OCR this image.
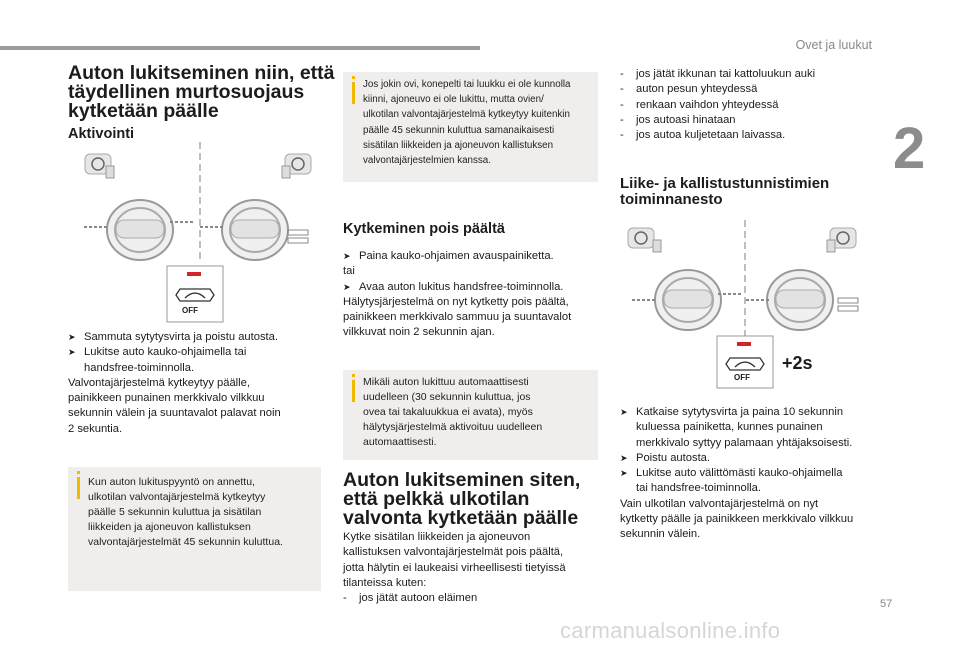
Ovet ja luukut
2
57
carmanualsonline.info
Auton lukitseminen niin, että
täydellinen murtosuojaus
kytketään päälle
Aktivointi
OFF
➤ Sammuta sytytysvirta ja poistu autosta.
➤ Lukitse auto kauko-ohjaimella tai
handsfree-toiminnolla.
Valvontajärjestelmä kytkeytyy päälle,
painikkeen punainen merkkivalo vilkkuu
sekunnin välein ja suuntavalot palavat noin
2 sekuntia.
Kun auton lukituspyyntö on annettu,
ulkotilan valvontajärjestelmä kytkeytyy
päälle 5 sekunnin kuluttua ja sisätilan
liikkeiden ja ajoneuvon kallistuksen
valvontajärjestelmät 45 sekunnin kuluttua.
Jos jokin ovi, konepelti tai luukku ei ole kunnolla
kiinni, ajoneuvo ei ole lukittu, mutta ovien/
ulkotilan valvontajärjestelmä kytkeytyy kuitenkin
päälle 45 sekunnin kuluttua samanaikaisesti
sisätilan liikkeiden ja ajoneuvon kallistuksen
valvontajärjestelmien kanssa.
Kytkeminen pois päältä
➤ Paina kauko-ohjaimen avauspainiketta.
tai
➤ Avaa auton lukitus handsfree-toiminnolla.
Hälytysjärjestelmä on nyt kytketty pois päältä,
painikkeen merkkivalo sammuu ja suuntavalot
vilkkuvat noin 2 sekunnin ajan.
Mikäli auton lukittuu automaattisesti
uudelleen (30 sekunnin kuluttua, jos
ovea tai takaluukkua ei avata), myös
hälytysjärjestelmä aktivoituu uudelleen
automaattisesti.
Auton lukitseminen siten,
että pelkkä ulkotilan
valvonta kytketään päälle
Kytke sisätilan liikkeiden ja ajoneuvon
kallistuksen valvontajärjestelmät pois päältä,
jotta hälytin ei laukeaisi virheellisesti tietyissä
tilanteissa kuten:
- jos jätät autoon eläimen
- jos jätät ikkunan tai kattoluukun auki
- auton pesun yhteydessä
- renkaan vaihdon yhteydessä
- jos autoasi hinataan
- jos autoa kuljetetaan laivassa.
Liike- ja kallistustunnistimien
toiminnanesto
OFF
+2s
➤ Katkaise sytytysvirta ja paina 10 sekunnin
kuluessa painiketta, kunnes punainen
merkkivalo syttyy palamaan yhtäjaksoisesti.
➤ Poistu autosta.
➤ Lukitse auto välittömästi kauko-ohjaimella
tai handsfree-toiminnolla.
Vain ulkotilan valvontajärjestelmä on nyt
kytketty päälle ja painikkeen merkkivalo vilkkuu
sekunnin välein.
